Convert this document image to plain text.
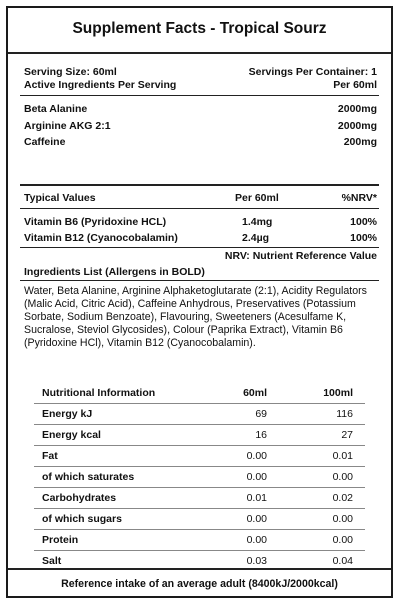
Supplement Facts - Tropical Sourz
Serving Size: 60ml	Servings Per Container: 1
Active Ingredients Per Serving	Per 60ml
Beta Alanine	2000mg
Arginine AKG 2:1	2000mg
Caffeine	200mg
Typical Values	Per 60ml	%NRV*
Vitamin B6 (Pyridoxine HCL)	1.4mg	100%
Vitamin B12 (Cyanocobalamin)	2.4µg	100%
NRV: Nutrient Reference Value
Ingredients List (Allergens in BOLD)
Water, Beta Alanine, Arginine Alphaketoglutarate (2:1), Acidity Regulators (Malic Acid, Citric Acid), Caffeine Anhydrous, Preservatives (Potassium Sorbate, Sodium Benzoate), Flavouring, Sweeteners (Acesulfame K, Sucralose, Steviol Glycosides), Colour (Paprika Extract), Vitamin B6 (Pyridoxine HCl), Vitamin B12 (Cyanocobalamin).
Nutritional Information	60ml	100ml
Energy kJ	69	116
Energy kcal	16	27
Fat	0.00	0.01
of which saturates	0.00	0.00
Carbohydrates	0.01	0.02
of which sugars	0.00	0.00
Protein	0.00	0.00
Salt	0.03	0.04
Reference intake of an average adult (8400kJ/2000kcal)
